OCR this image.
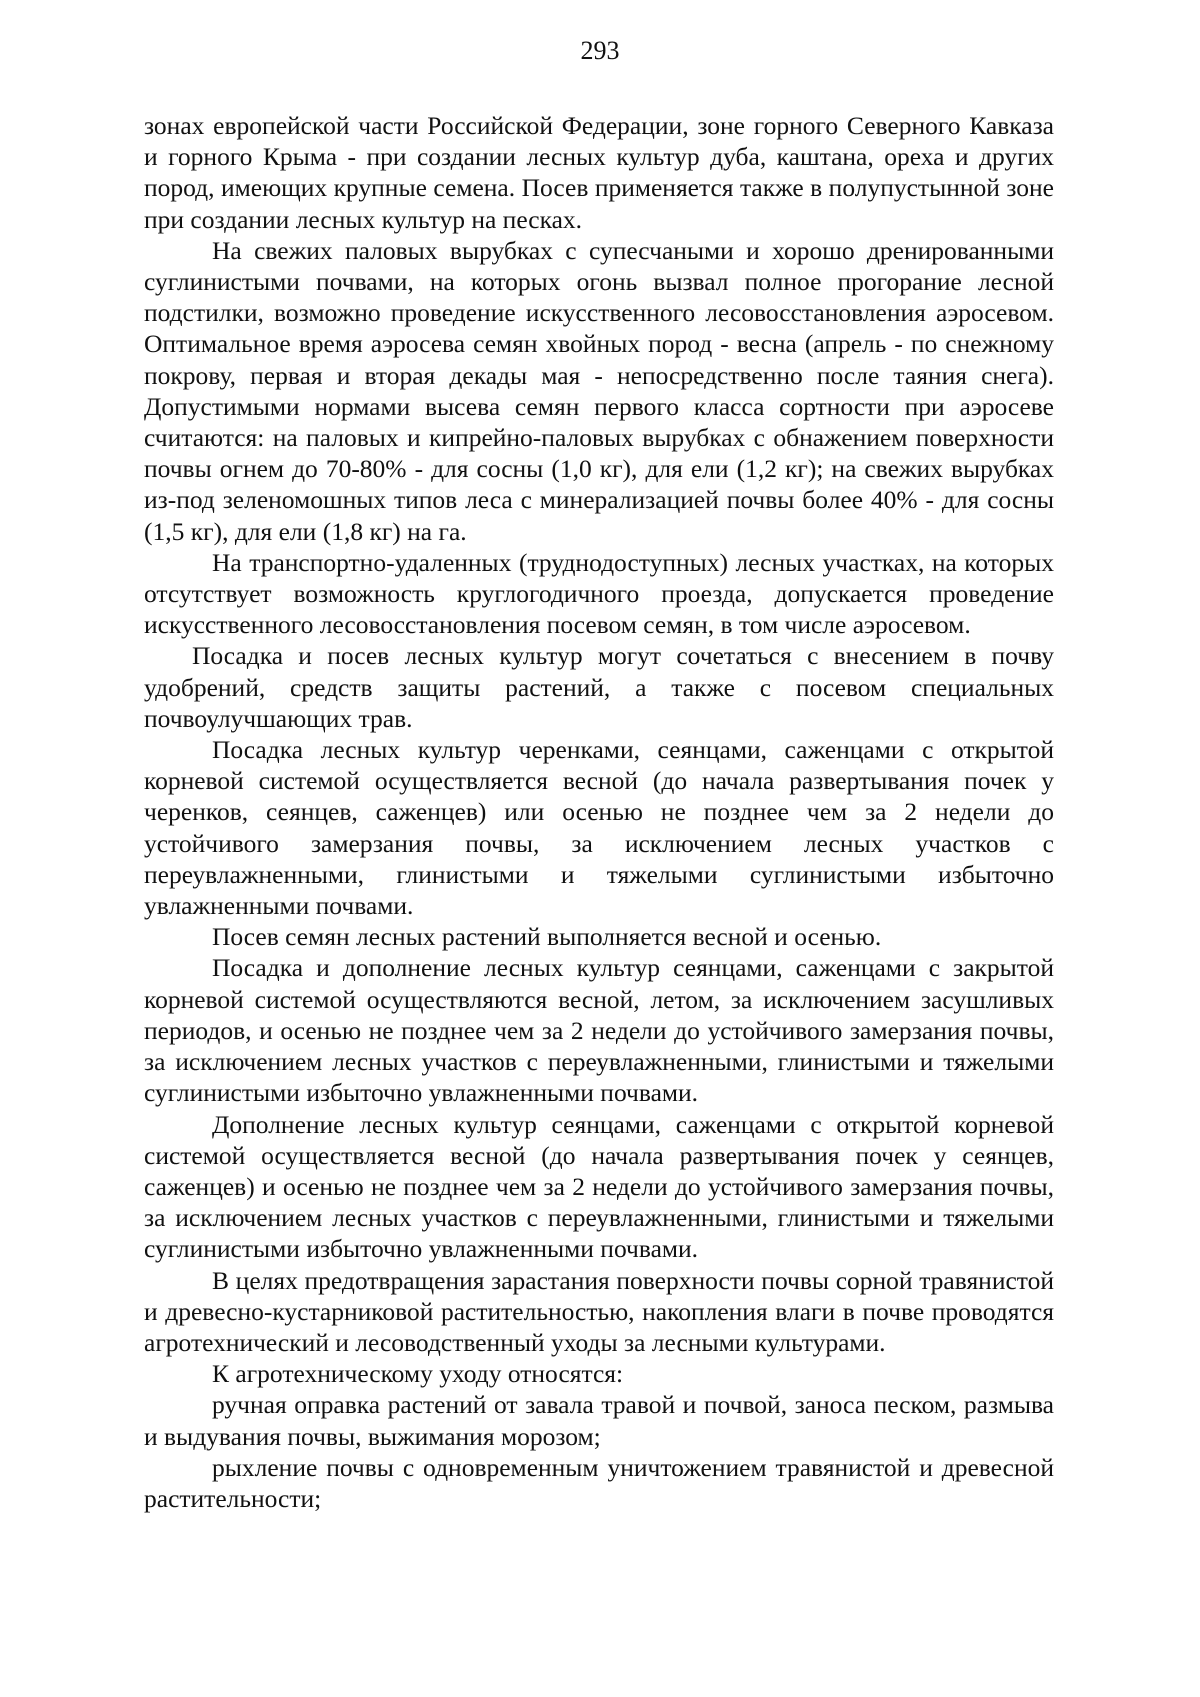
293

зонах европейской части Российской Федерации, зоне горного Северного Кавказа и горного Крыма - при создании лесных культур дуба, каштана, ореха и других пород, имеющих крупные семена. Посев применяется также в полупустынной зоне при создании лесных культур на песках.

На свежих паловых вырубках с супесчаными и хорошо дренированными суглинистыми почвами, на которых огонь вызвал полное прогорание лесной подстилки, возможно проведение искусственного лесовосстановления аэросевом. Оптимальное время аэросева семян хвойных пород - весна (апрель - по снежному покрову, первая и вторая декады мая - непосредственно после таяния снега). Допустимыми нормами высева семян первого класса сортности при аэросеве считаются: на паловых и кипрейно-паловых вырубках с обнажением поверхности почвы огнем до 70-80% - для сосны (1,0 кг), для ели (1,2 кг); на свежих вырубках из-под зеленомошных типов леса с минерализацией почвы более 40% - для сосны (1,5 кг), для ели (1,8 кг) на га.

На транспортно-удаленных (труднодоступных) лесных участках, на которых отсутствует возможность круглогодичного проезда, допускается проведение искусственного лесовосстановления посевом семян, в том числе аэросевом.

Посадка и посев лесных культур могут сочетаться с внесением в почву удобрений, средств защиты растений, а также с посевом специальных почвоулучшающих трав.

Посадка лесных культур черенками, сеянцами, саженцами с открытой корневой системой осуществляется весной (до начала развертывания почек у черенков, сеянцев, саженцев) или осенью не позднее чем за 2 недели до устойчивого замерзания почвы, за исключением лесных участков с переувлажненными, глинистыми и тяжелыми суглинистыми избыточно увлажненными почвами.

Посев семян лесных растений выполняется весной и осенью.

Посадка и дополнение лесных культур сеянцами, саженцами с закрытой корневой системой осуществляются весной, летом, за исключением засушливых периодов, и осенью не позднее чем за 2 недели до устойчивого замерзания почвы, за исключением лесных участков с переувлажненными, глинистыми и тяжелыми суглинистыми избыточно увлажненными почвами.

Дополнение лесных культур сеянцами, саженцами с открытой корневой системой осуществляется весной (до начала развертывания почек у сеянцев, саженцев) и осенью не позднее чем за 2 недели до устойчивого замерзания почвы, за исключением лесных участков с переувлажненными, глинистыми и тяжелыми суглинистыми избыточно увлажненными почвами.

В целях предотвращения зарастания поверхности почвы сорной травянистой и древесно-кустарниковой растительностью, накопления влаги в почве проводятся агротехнический и лесоводственный уходы за лесными культурами.

К агротехническому уходу относятся:

ручная оправка растений от завала травой и почвой, заноса песком, размыва и выдувания почвы, выжимания морозом;

рыхление почвы с одновременным уничтожением травянистой и древесной растительности;
